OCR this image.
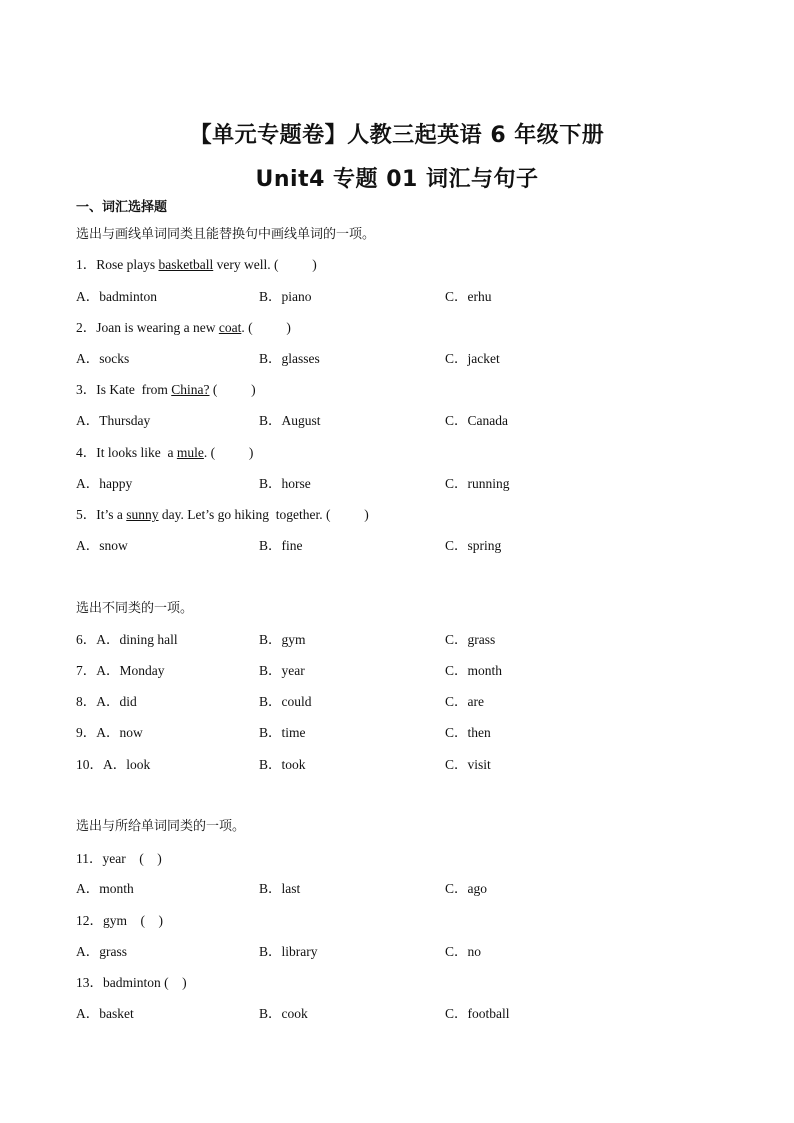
【单元专题卷】人教三起英语 6 年级下册
Unit4 专题 01 词汇与句子
一、词汇选择题
选出与画线单词同类且能替换句中画线单词的一项。
1．Rose plays basketball very well. (          )
A．badminton	B．piano	C．erhu
2．Joan is wearing a new coat. (          )
A．socks	B．glasses	C．jacket
3．Is Kate  from China? (          )
A．Thursday	B．August	C．Canada
4．It looks like  a mule. (          )
A．happy	B．horse	C．running
5．It’s a sunny day. Let’s go hiking  together. (          )
A．snow	B．fine	C．spring
选出不同类的一项。
6．A．dining hall	B．gym	C．grass
7．A．Monday	B．year	C．month
8．A．did	B．could	C．are
9．A．now	B．time	C．then
10．A．look	B．took	C．visit
选出与所给单词同类的一项。
11．year    (    )
A．month	B．last	C．ago
12．gym    (    )
A．grass	B．library	C．no
13．badminton (    )
A．basket	B．cook	C．football
